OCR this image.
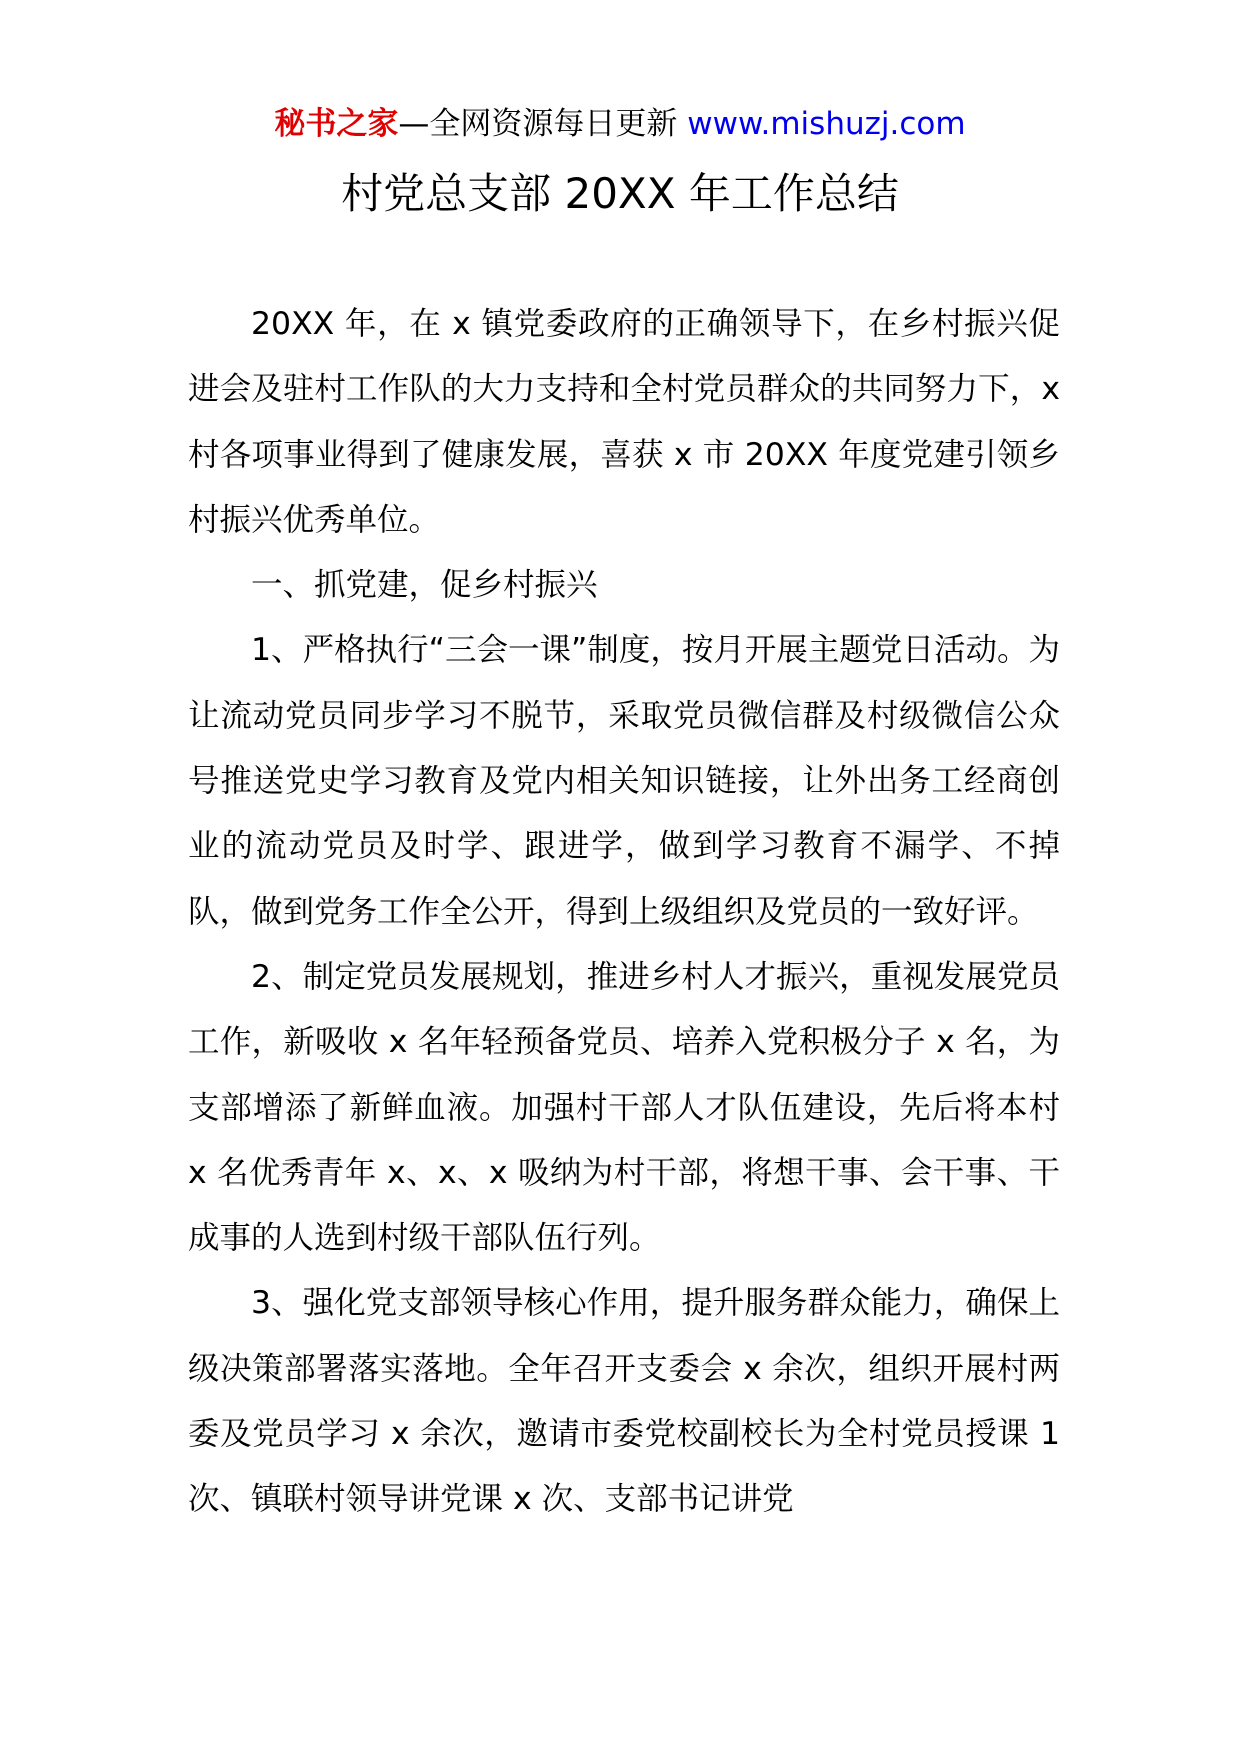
秘书之家—全网资源每日更新 www.mishuzj.com
村党总支部 20XX 年工作总结

20XX 年，在 x 镇党委政府的正确领导下，在乡村振兴促进会及驻村工作队的大力支持和全村党员群众的共同努力下，x 村各项事业得到了健康发展，喜获 x 市 20XX 年度党建引领乡村振兴优秀单位。

一、抓党建，促乡村振兴

1、严格执行“三会一课”制度，按月开展主题党日活动。为让流动党员同步学习不脱节，采取党员微信群及村级微信公众号推送党史学习教育及党内相关知识链接，让外出务工经商创业的流动党员及时学、跟进学，做到学习教育不漏学、不掉队，做到党务工作全公开，得到上级组织及党员的一致好评。

2、制定党员发展规划，推进乡村人才振兴，重视发展党员工作，新吸收 x 名年轻预备党员、培养入党积极分子 x 名，为支部增添了新鲜血液。加强村干部人才队伍建设，先后将本村 x 名优秀青年 x、x、x 吸纳为村干部，将想干事、会干事、干成事的人选到村级干部队伍行列。

3、强化党支部领导核心作用，提升服务群众能力，确保上级决策部署落实落地。全年召开支委会 x 余次，组织开展村两委及党员学习 x 余次，邀请市委党校副校长为全村党员授课 1 次、镇联村领导讲党课 x 次、支部书记讲党
